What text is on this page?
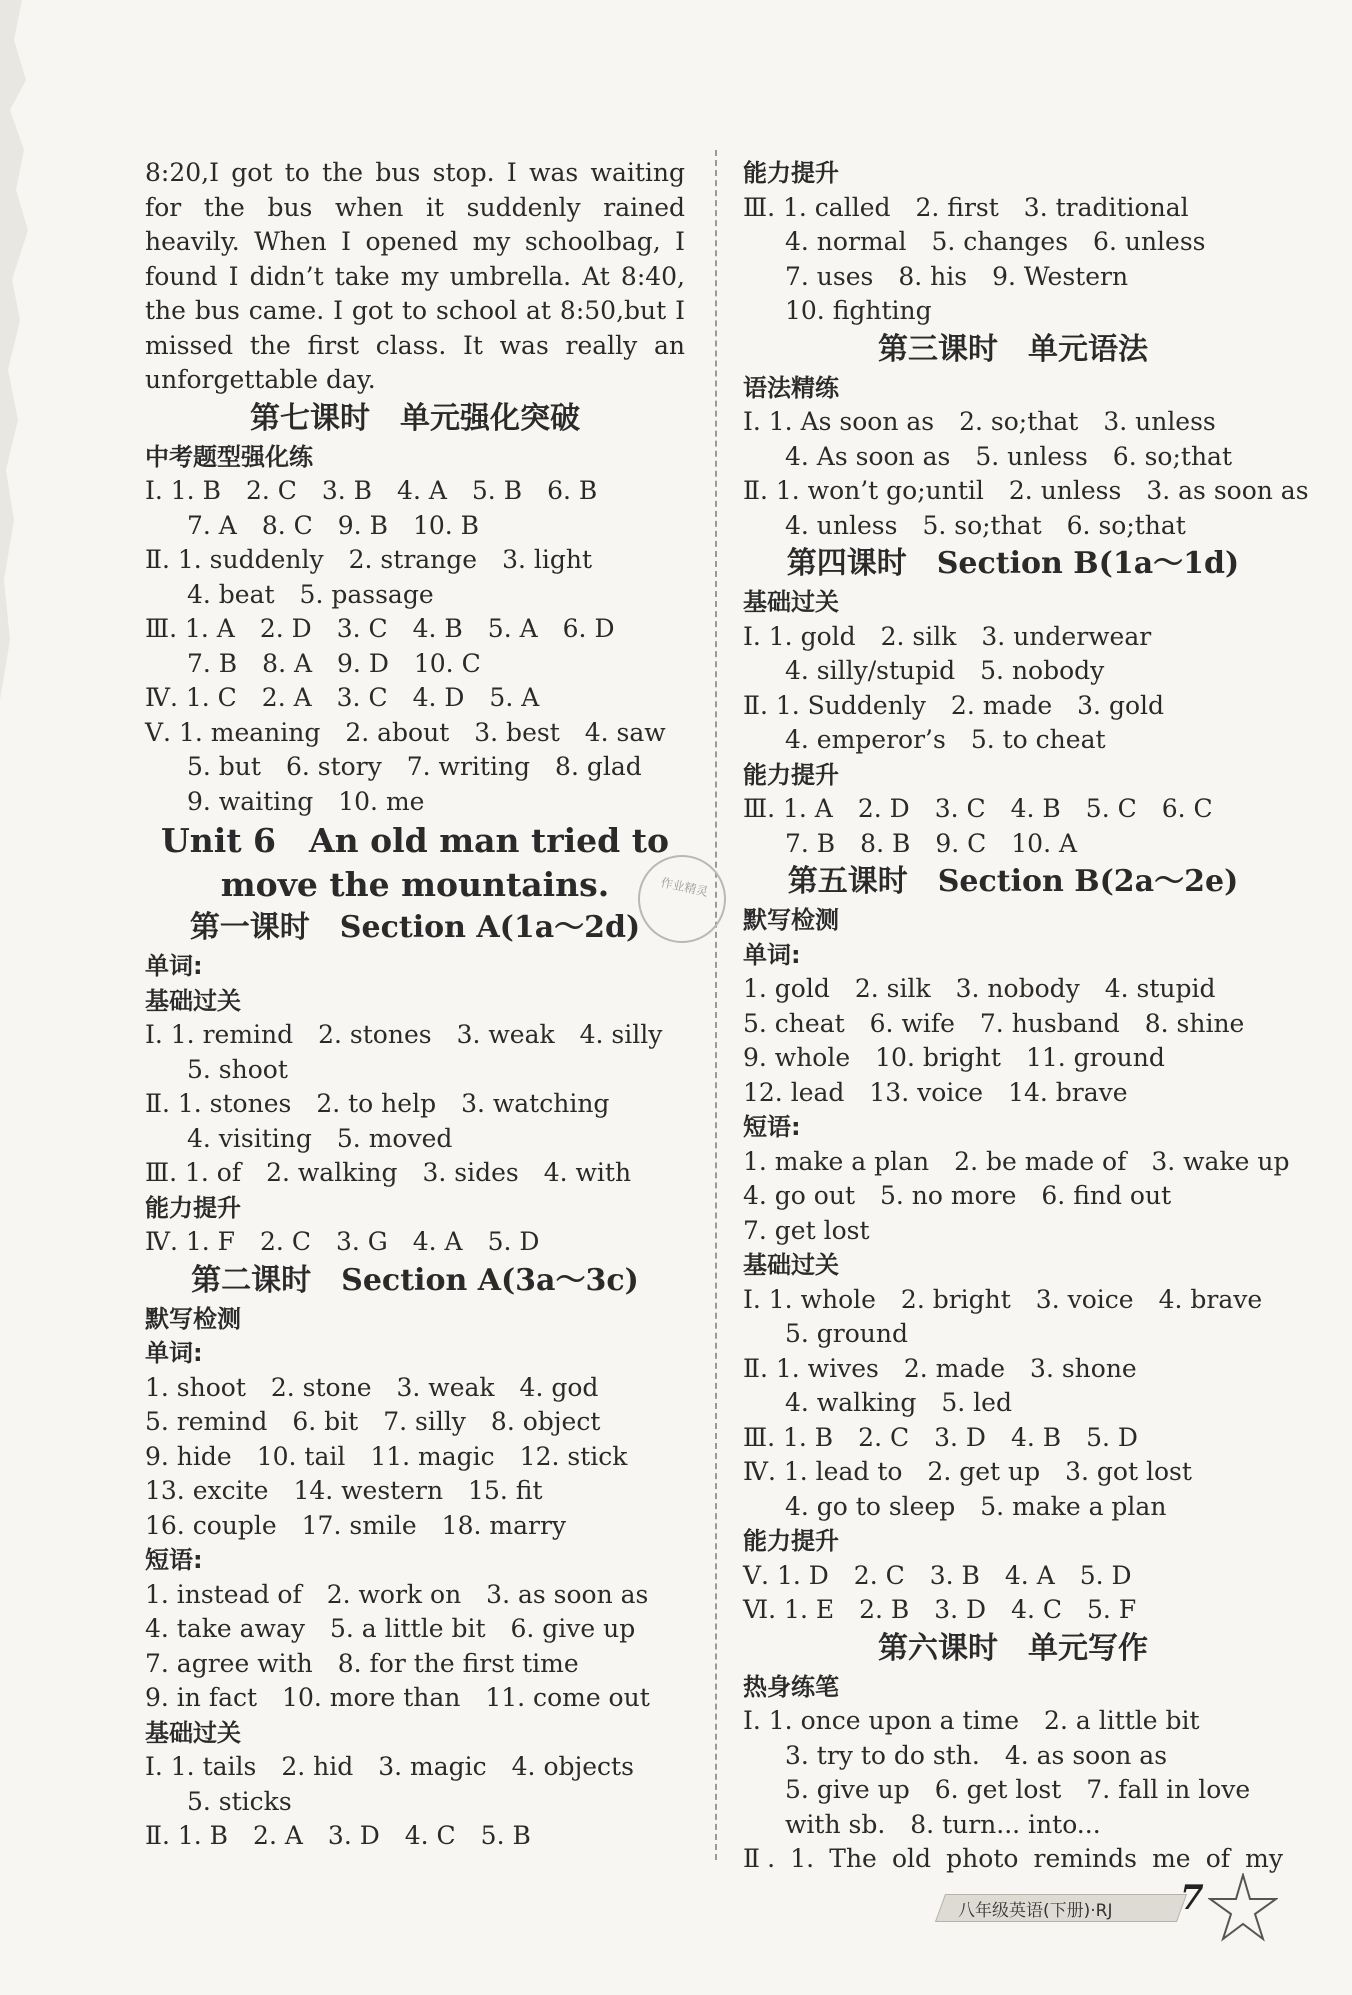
8:20,I got to the bus stop. I was waiting
for the bus when it suddenly rained
heavily. When I opened my schoolbag, I
found I didn’t take my umbrella. At 8:40,
the bus came. I got to school at 8:50,but I
missed the first class. It was really an
unforgettable day.
第七课时　单元强化突破
中考题型强化练
Ⅰ. 1. B　2. C　3. B　4. A　5. B　6. B
7. A　8. C　9. B　10. B
Ⅱ. 1. suddenly　2. strange　3. light
4. beat　5. passage
Ⅲ. 1. A　2. D　3. C　4. B　5. A　6. D
7. B　8. A　9. D　10. C
Ⅳ. 1. C　2. A　3. C　4. D　5. A
Ⅴ. 1. meaning　2. about　3. best　4. saw
5. but　6. story　7. writing　8. glad
9. waiting　10. me
Unit 6　An old man tried to
move the mountains.
第一课时　Section A(1a～2d)
单词:
基础过关
Ⅰ. 1. remind　2. stones　3. weak　4. silly
5. shoot
Ⅱ. 1. stones　2. to help　3. watching
4. visiting　5. moved
Ⅲ. 1. of　2. walking　3. sides　4. with
能力提升
Ⅳ. 1. F　2. C　3. G　4. A　5. D
第二课时　Section A(3a～3c)
默写检测
单词:
1. shoot　2. stone　3. weak　4. god
5. remind　6. bit　7. silly　8. object
9. hide　10. tail　11. magic　12. stick
13. excite　14. western　15. fit
16. couple　17. smile　18. marry
短语:
1. instead of　2. work on　3. as soon as
4. take away　5. a little bit　6. give up
7. agree with　8. for the first time
9. in fact　10. more than　11. come out
基础过关
Ⅰ. 1. tails　2. hid　3. magic　4. objects
5. sticks
Ⅱ. 1. B　2. A　3. D　4. C　5. B
能力提升
Ⅲ. 1. called　2. first　3. traditional
4. normal　5. changes　6. unless
7. uses　8. his　9. Western
10. fighting
第三课时　单元语法
语法精练
Ⅰ. 1. As soon as　2. so;that　3. unless
4. As soon as　5. unless　6. so;that
Ⅱ. 1. won’t go;until　2. unless　3. as soon as
4. unless　5. so;that　6. so;that
第四课时　Section B(1a～1d)
基础过关
Ⅰ. 1. gold　2. silk　3. underwear
4. silly/stupid　5. nobody
Ⅱ. 1. Suddenly　2. made　3. gold
4. emperor’s　5. to cheat
能力提升
Ⅲ. 1. A　2. D　3. C　4. B　5. C　6. C
7. B　8. B　9. C　10. A
第五课时　Section B(2a～2e)
默写检测
单词:
1. gold　2. silk　3. nobody　4. stupid
5. cheat　6. wife　7. husband　8. shine
9. whole　10. bright　11. ground
12. lead　13. voice　14. brave
短语:
1. make a plan　2. be made of　3. wake up
4. go out　5. no more　6. find out
7. get lost
基础过关
Ⅰ. 1. whole　2. bright　3. voice　4. brave
5. ground
Ⅱ. 1. wives　2. made　3. shone
4. walking　5. led
Ⅲ. 1. B　2. C　3. D　4. B　5. D
Ⅳ. 1. lead to　2. get up　3. got lost
4. go to sleep　5. make a plan
能力提升
Ⅴ. 1. D　2. C　3. B　4. A　5. D
Ⅵ. 1. E　2. B　3. D　4. C　5. F
第六课时　单元写作
热身练笔
Ⅰ. 1. once upon a time　2. a little bit
3. try to do sth.　4. as soon as
5. give up　6. get lost　7. fall in love
with sb.　8. turn... into...
Ⅱ. 1. The old photo reminds me of my
作业精灵
八年级英语(下册)·RJ 7
